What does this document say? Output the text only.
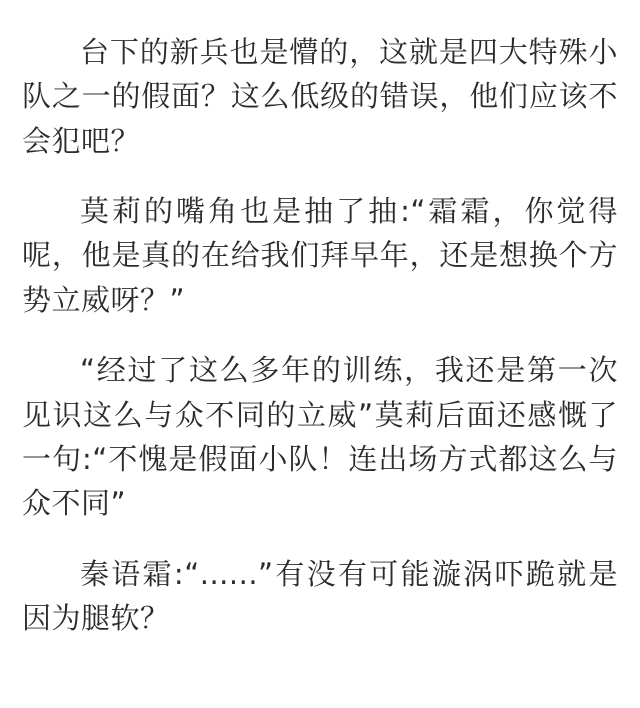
台下的新兵也是懵的，这就是四大特殊小队之一的假面？这么低级的错误，他们应该不会犯吧？

莫莉的嘴角也是抽了抽:“霜霜，你觉得呢，他是真的在给我们拜早年，还是想换个方势立威呀？”

“经过了这么多年的训练，我还是第一次见识这么与众不同的立威”莫莉后面还感慨了一句:“不愧是假面小队！连出场方式都这么与众不同”

秦语霜:“......”有没有可能漩涡吓跪就是因为腿软？
